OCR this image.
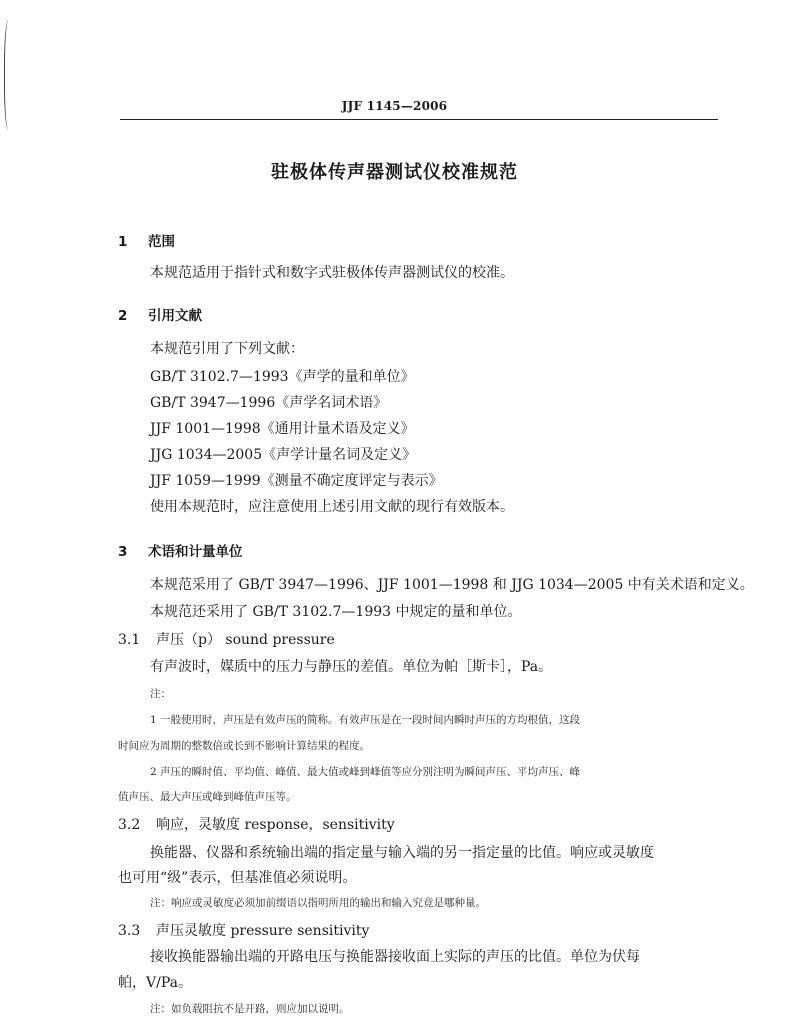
JJF 1145—2006
驻极体传声器测试仪校准规范
1 范围
本规范适用于指针式和数字式驻极体传声器测试仪的校准。
2 引用文献
本规范引用了下列文献：
GB/T 3102.7—1993《声学的量和单位》
GB/T 3947—1996《声学名词术语》
JJF 1001—1998《通用计量术语及定义》
JJG 1034—2005《声学计量名词及定义》
JJF 1059—1999《测量不确定度评定与表示》
使用本规范时，应注意使用上述引用文献的现行有效版本。
3 术语和计量单位
本规范采用了 GB/T 3947—1996、JJF 1001—1998 和 JJG 1034—2005 中有关术语和定义。
本规范还采用了 GB/T 3102.7—1993 中规定的量和单位。
3.1 声压（p） sound pressure
有声波时，媒质中的压力与静压的差值。单位为帕［斯卡］，Pa。
注：
1 一般使用时，声压是有效声压的简称。有效声压是在一段时间内瞬时声压的方均根值，这段
时间应为周期的整数倍或长到不影响计算结果的程度。
2 声压的瞬时值、平均值、峰值、最大值或峰到峰值等应分别注明为瞬间声压、平均声压、峰
值声压、最大声压或峰到峰值声压等。
3.2 响应，灵敏度 response，sensitivity
换能器、仪器和系统输出端的指定量与输入端的另一指定量的比值。响应或灵敏度
也可用“级”表示，但基准值必须说明。
注：响应或灵敏度必须加前缀语以指明所用的输出和输入究竟是哪种量。
3.3 声压灵敏度 pressure sensitivity
接收换能器输出端的开路电压与换能器接收面上实际的声压的比值。单位为伏每
帕，V/Pa。
注：如负载阻抗不是开路，则应加以说明。
